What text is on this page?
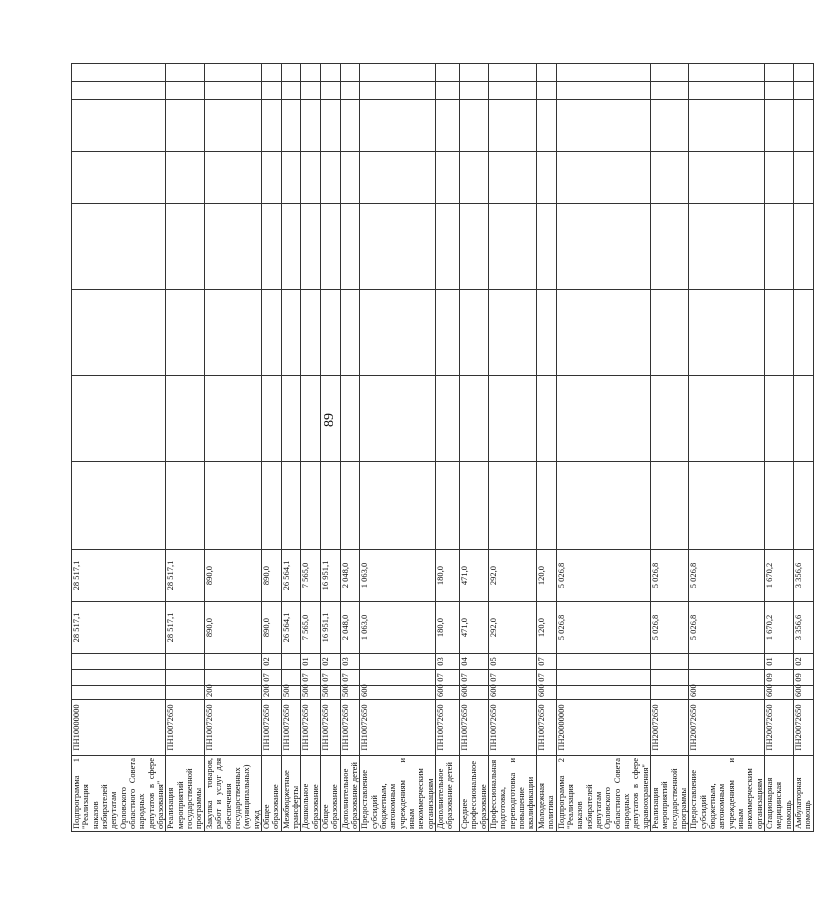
89
Подпрограмма 1 "Реализация наказов избирателей депутатам Орловского областного Совета народных депутатов в сфере образования"	ПН10000000				28 517,1	28 517,1								
Реализация мероприятий государственной программы	ПН10072650				28 517,1	28 517,1								
Закупка товаров, работ и услуг для обеспечения государственных (муниципальных) нужд	ПН10072650	200			890,0	890,0								
Общее образование	ПН10072650	200	07	02	890,0	890,0								
Межбюджетные трансферты	ПН10072650	500			26 564,1	26 564,1								
Дошкольное образование	ПН10072650	500	07	01	7 565,0	7 565,0								
Общее образование	ПН10072650	500	07	02	16 951,1	16 951,1								
Дополнительное образование детей	ПН10072650	500	07	03	2 048,0	2 048,0								
Предоставление субсидий бюджетным, автономным учреждениям и иным некоммерческим организациям	ПН10072650	600			1 063,0	1 063,0								
Дополнительное образование детей	ПН10072650	600	07	03	180,0	180,0								
Среднее профессиональное образование	ПН10072650	600	07	04	471,0	471,0								
Профессиональная подготовка, переподготовка и повышение квалификации	ПН10072650	600	07	05	292,0	292,0								
Молодежная политика	ПН10072650	600	07	07	120,0	120,0								
Подпрограмма 2 "Реализация наказов избирателей депутатам Орловского областного Совета народных депутатов в сфере здравоохранения"	ПН20000000				5 026,8	5 026,8								
Реализация мероприятий государственной программы	ПН20072650				5 026,8	5 026,8								
Предоставление субсидий бюджетным, автономным учреждениям и иным некоммерческим организациям	ПН20072650	600			5 026,8	5 026,8								
Стационарная медицинская помощь	ПН20072650	600	09	01	1 670,2	1 670,2								
Амбулаторная помощь	ПН20072650	600	09	02	3 356,6	3 356,6								
